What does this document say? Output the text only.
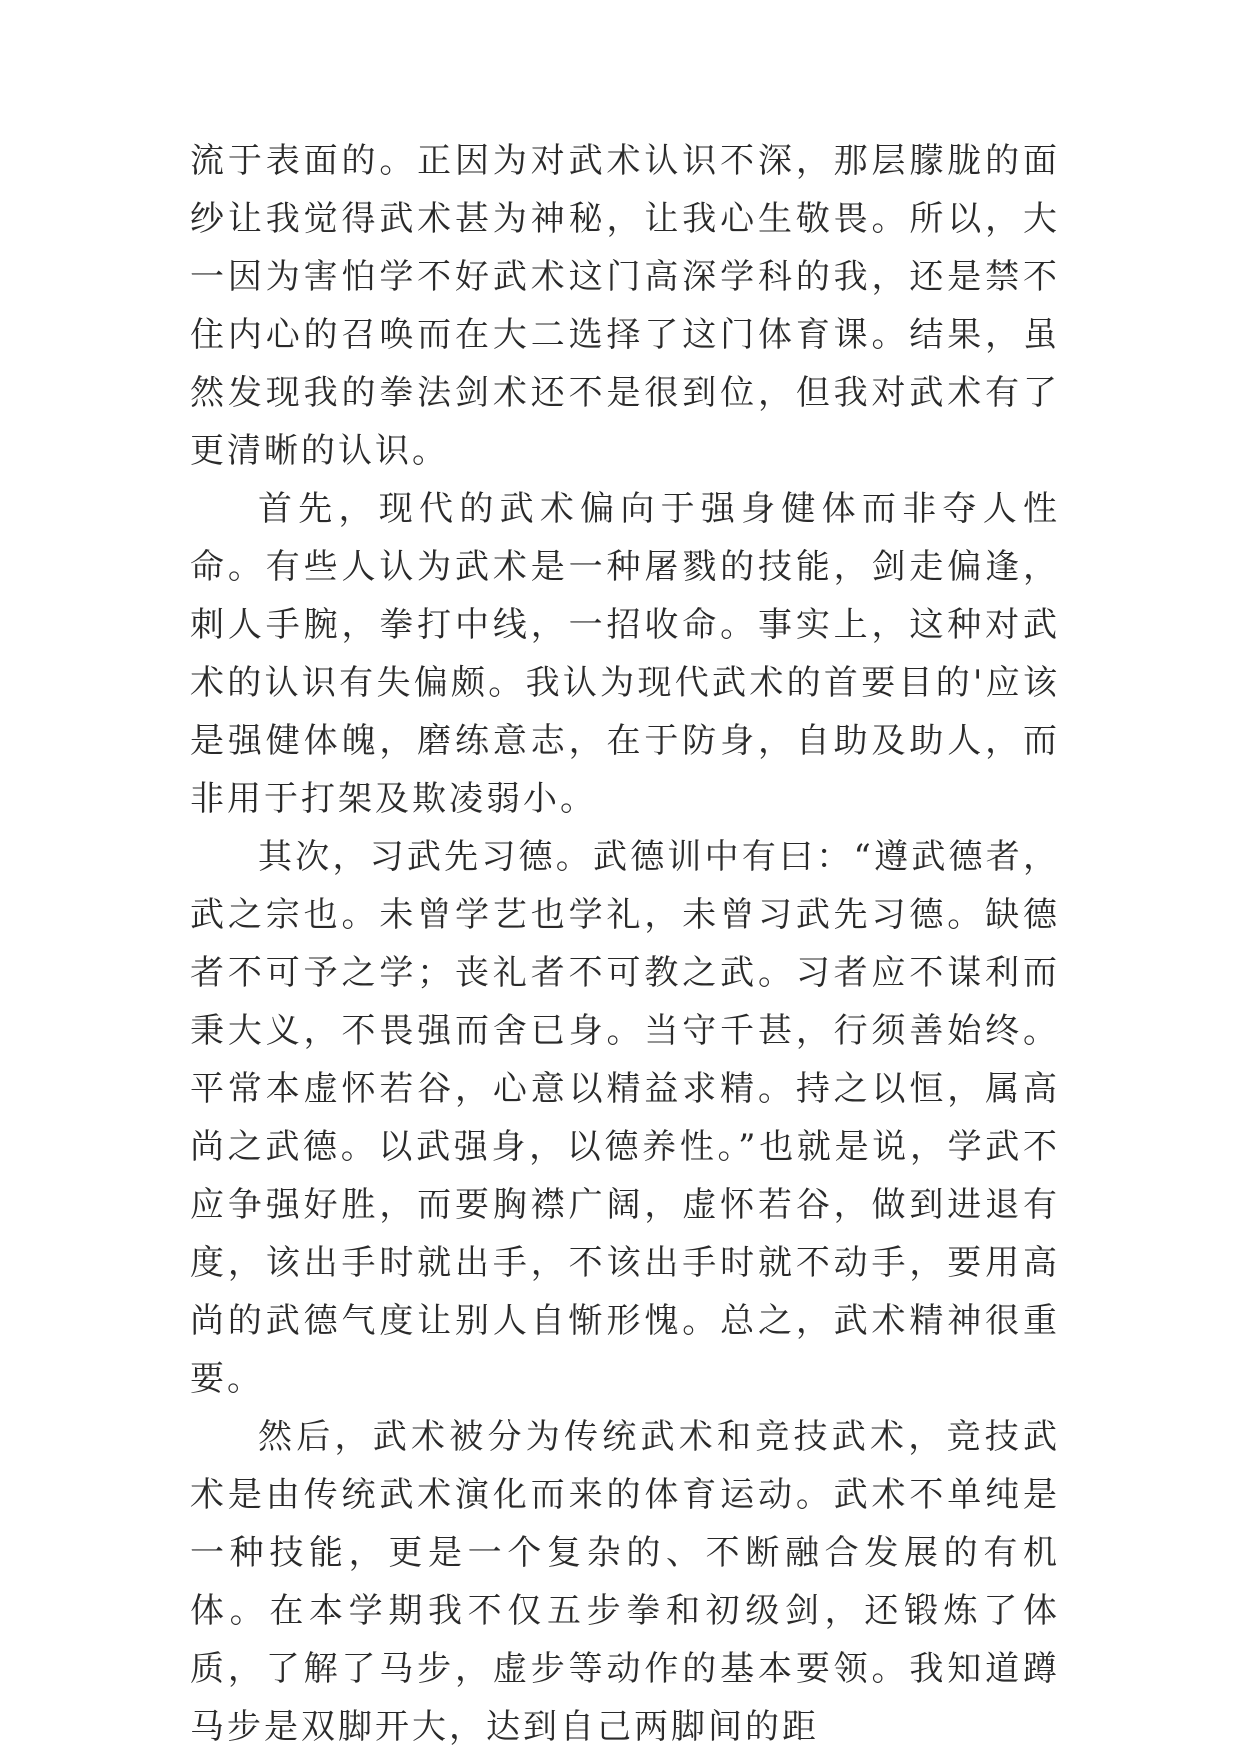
流于表面的。正因为对武术认识不深，那层朦胧的面纱让我觉得武术甚为神秘，让我心生敬畏。所以，大一因为害怕学不好武术这门高深学科的我，还是禁不住内心的召唤而在大二选择了这门体育课。结果，虽然发现我的拳法剑术还不是很到位，但我对武术有了更清晰的认识。

首先，现代的武术偏向于强身健体而非夺人性命。有些人认为武术是一种屠戮的技能，剑走偏逢，刺人手腕，拳打中线，一招收命。事实上，这种对武术的认识有失偏颇。我认为现代武术的首要目的'应该是强健体魄，磨练意志，在于防身，自助及助人，而非用于打架及欺凌弱小。

其次，习武先习德。武德训中有曰：“遵武德者，武之宗也。未曾学艺也学礼，未曾习武先习德。缺德者不可予之学；丧礼者不可教之武。习者应不谋利而秉大义，不畏强而舍已身。当守千甚，行须善始终。平常本虚怀若谷，心意以精益求精。持之以恒，属高尚之武德。以武强身，以德养性。”也就是说，学武不应争强好胜，而要胸襟广阔，虚怀若谷，做到进退有度，该出手时就出手，不该出手时就不动手，要用高尚的武德气度让别人自惭形愧。总之，武术精神很重要。

然后，武术被分为传统武术和竞技武术，竞技武术是由传统武术演化而来的体育运动。武术不单纯是一种技能，更是一个复杂的、不断融合发展的有机体。在本学期我不仅五步拳和初级剑，还锻炼了体质，了解了马步，虚步等动作的基本要领。我知道蹲马步是双脚开大，达到自己两脚间的距
